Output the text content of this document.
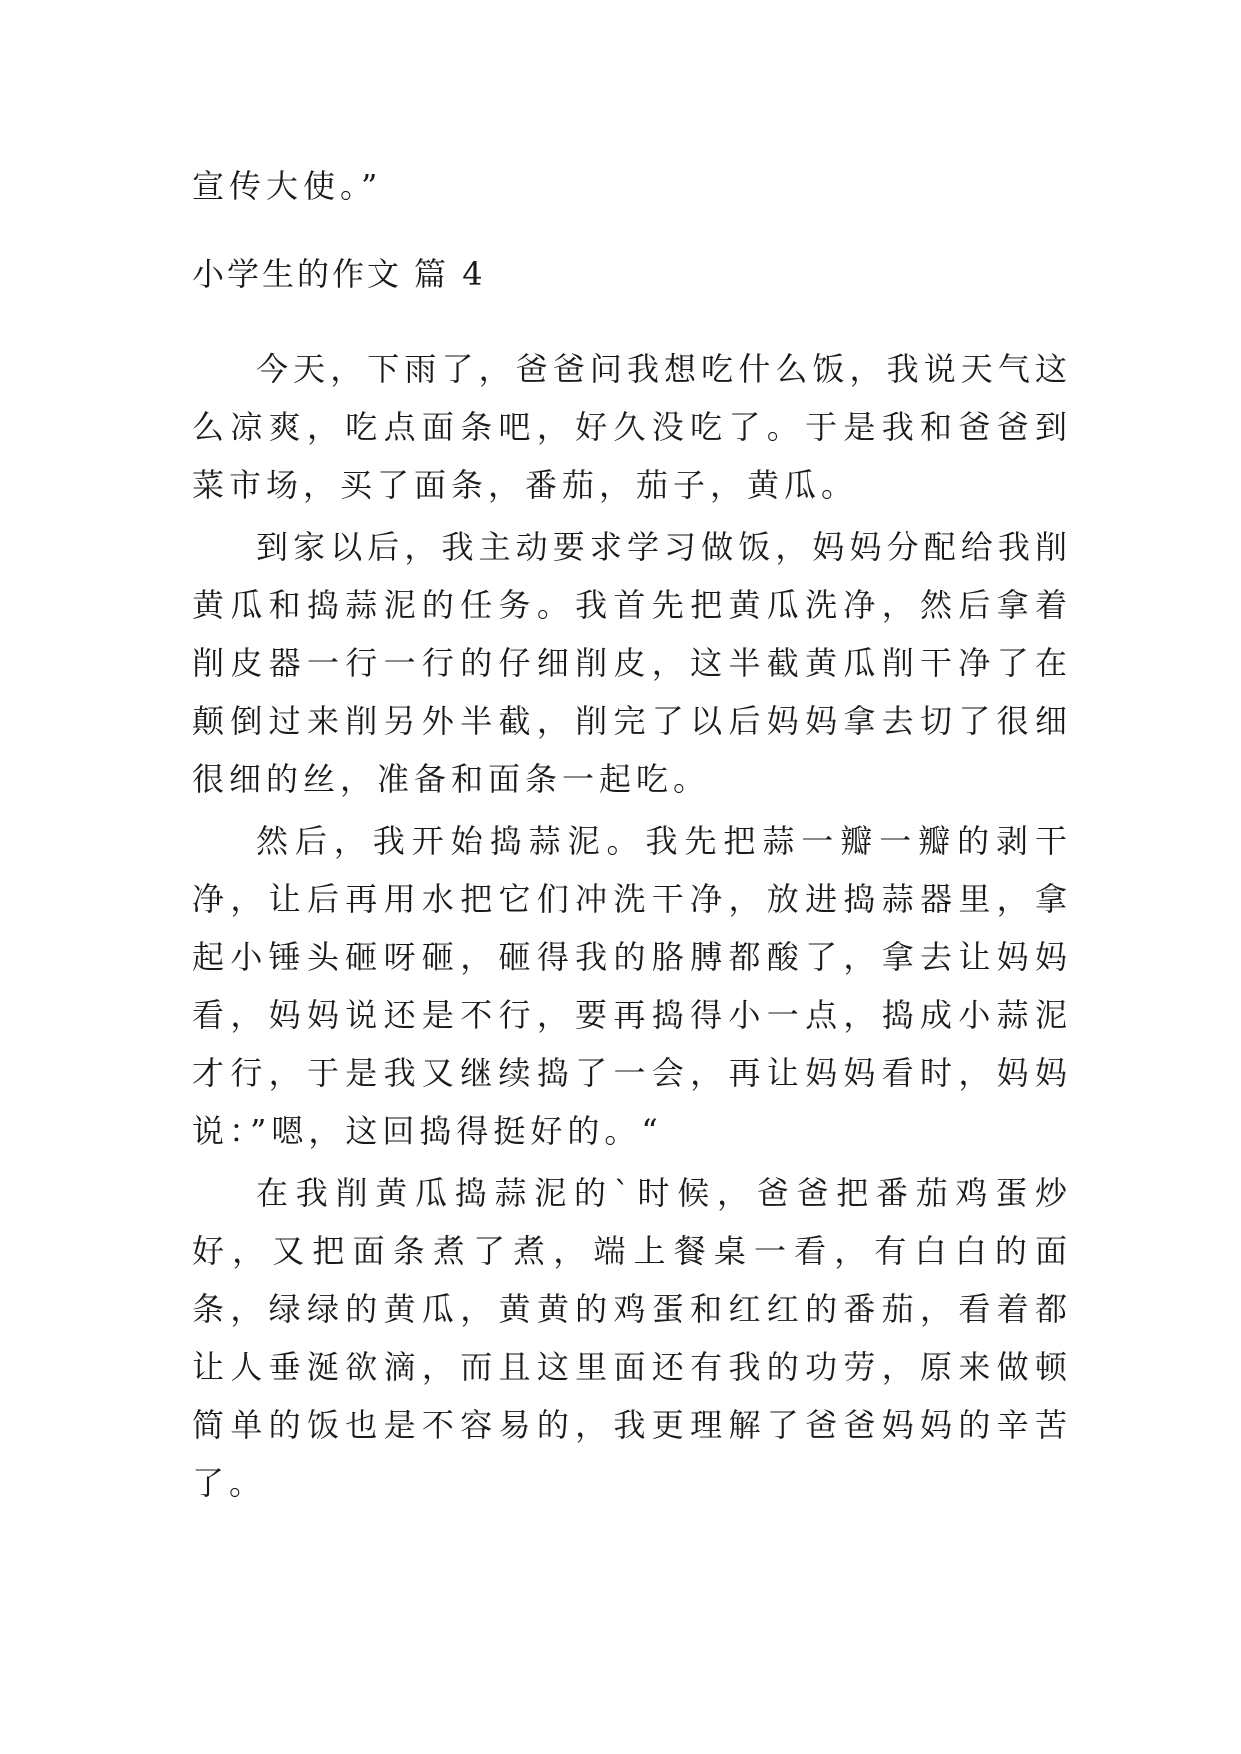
宣传大使。”

小学生的作文 篇 4

今天，下雨了，爸爸问我想吃什么饭，我说天气这么凉爽，吃点面条吧，好久没吃了。于是我和爸爸到菜市场，买了面条，番茄，茄子，黄瓜。

到家以后，我主动要求学习做饭，妈妈分配给我削黄瓜和捣蒜泥的任务。我首先把黄瓜洗净，然后拿着削皮器一行一行的仔细削皮，这半截黄瓜削干净了在颠倒过来削另外半截，削完了以后妈妈拿去切了很细很细的丝，准备和面条一起吃。

然后，我开始捣蒜泥。我先把蒜一瓣一瓣的剥干净，让后再用水把它们冲洗干净，放进捣蒜器里，拿起小锤头砸呀砸，砸得我的胳膊都酸了，拿去让妈妈看，妈妈说还是不行，要再捣得小一点，捣成小蒜泥才行，于是我又继续捣了一会，再让妈妈看时，妈妈说：”嗯，这回捣得挺好的。“

在我削黄瓜捣蒜泥的`时候，爸爸把番茄鸡蛋炒好，又把面条煮了煮，端上餐桌一看，有白白的面条，绿绿的黄瓜，黄黄的鸡蛋和红红的番茄，看着都让人垂涎欲滴，而且这里面还有我的功劳，原来做顿简单的饭也是不容易的，我更理解了爸爸妈妈的辛苦了。
